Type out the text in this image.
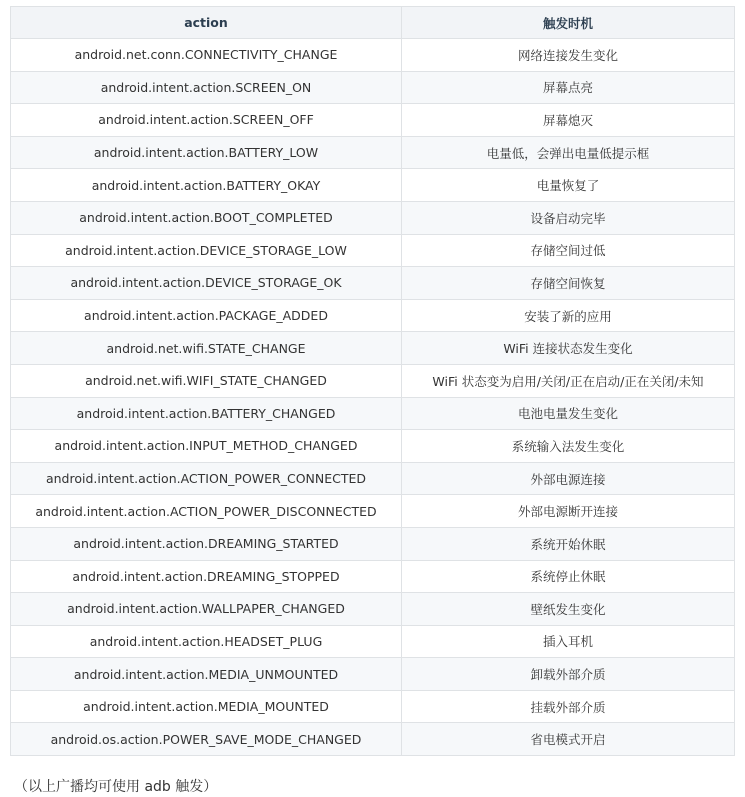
action	触发时机
android.net.conn.CONNECTIVITY_CHANGE	网络连接发生变化
android.intent.action.SCREEN_ON	屏幕点亮
android.intent.action.SCREEN_OFF	屏幕熄灭
android.intent.action.BATTERY_LOW	电量低，会弹出电量低提示框
android.intent.action.BATTERY_OKAY	电量恢复了
android.intent.action.BOOT_COMPLETED	设备启动完毕
android.intent.action.DEVICE_STORAGE_LOW	存储空间过低
android.intent.action.DEVICE_STORAGE_OK	存储空间恢复
android.intent.action.PACKAGE_ADDED	安装了新的应用
android.net.wifi.STATE_CHANGE	WiFi 连接状态发生变化
android.net.wifi.WIFI_STATE_CHANGED	WiFi 状态变为启用/关闭/正在启动/正在关闭/未知
android.intent.action.BATTERY_CHANGED	电池电量发生变化
android.intent.action.INPUT_METHOD_CHANGED	系统输入法发生变化
android.intent.action.ACTION_POWER_CONNECTED	外部电源连接
android.intent.action.ACTION_POWER_DISCONNECTED	外部电源断开连接
android.intent.action.DREAMING_STARTED	系统开始休眠
android.intent.action.DREAMING_STOPPED	系统停止休眠
android.intent.action.WALLPAPER_CHANGED	壁纸发生变化
android.intent.action.HEADSET_PLUG	插入耳机
android.intent.action.MEDIA_UNMOUNTED	卸载外部介质
android.intent.action.MEDIA_MOUNTED	挂载外部介质
android.os.action.POWER_SAVE_MODE_CHANGED	省电模式开启
（以上广播均可使用 adb 触发）
